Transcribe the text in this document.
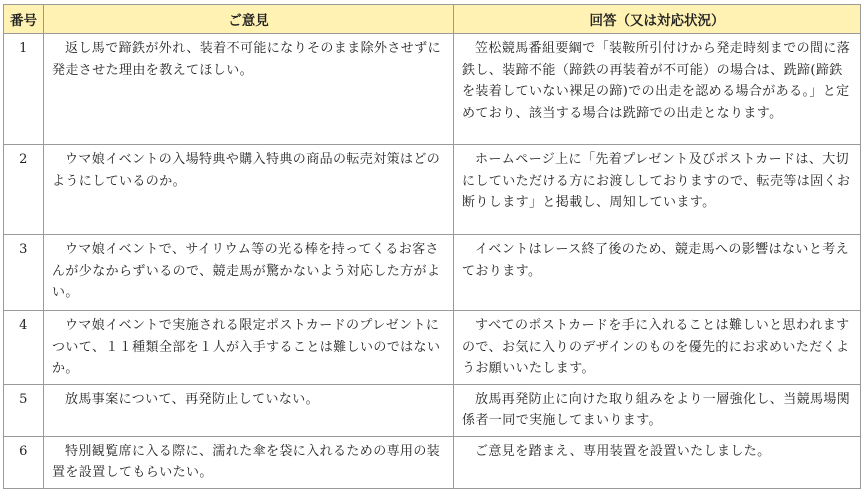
番号	ご意見	回答（又は対応状況）
1	返し馬で蹄鉄が外れ、装着不可能になりそのまま除外させずに発走させた理由を教えてほしい。	笠松競馬番組要綱で「装鞍所引付けから発走時刻までの間に落鉄し、装蹄不能（蹄鉄の再装着が不可能）の場合は、跣蹄(蹄鉄を装着していない裸足の蹄)での出走を認める場合がある。」と定めており、該当する場合は跣蹄での出走となります。
2	ウマ娘イベントの入場特典や購入特典の商品の転売対策はどのようにしているのか。	ホームページ上に「先着プレゼント及びポストカードは、大切にしていただける方にお渡ししておりますので、転売等は固くお断りします」と掲載し、周知しています。
3	ウマ娘イベントで、サイリウム等の光る棒を持ってくるお客さんが少なからずいるので、競走馬が驚かないよう対応した方がよい。	イベントはレース終了後のため、競走馬への影響はないと考えております。
4	ウマ娘イベントで実施される限定ポストカードのプレゼントについて、１１種類全部を１人が入手することは難しいのではないか。	すべてのポストカードを手に入れることは難しいと思われますので、お気に入りのデザインのものを優先的にお求めいただくようお願いいたします。
5	放馬事案について、再発防止していない。	放馬再発防止に向けた取り組みをより一層強化し、当競馬場関係者一同で実施してまいります。
6	特別観覧席に入る際に、濡れた傘を袋に入れるための専用の装置を設置してもらいたい。	ご意見を踏まえ、専用装置を設置いたしました。
